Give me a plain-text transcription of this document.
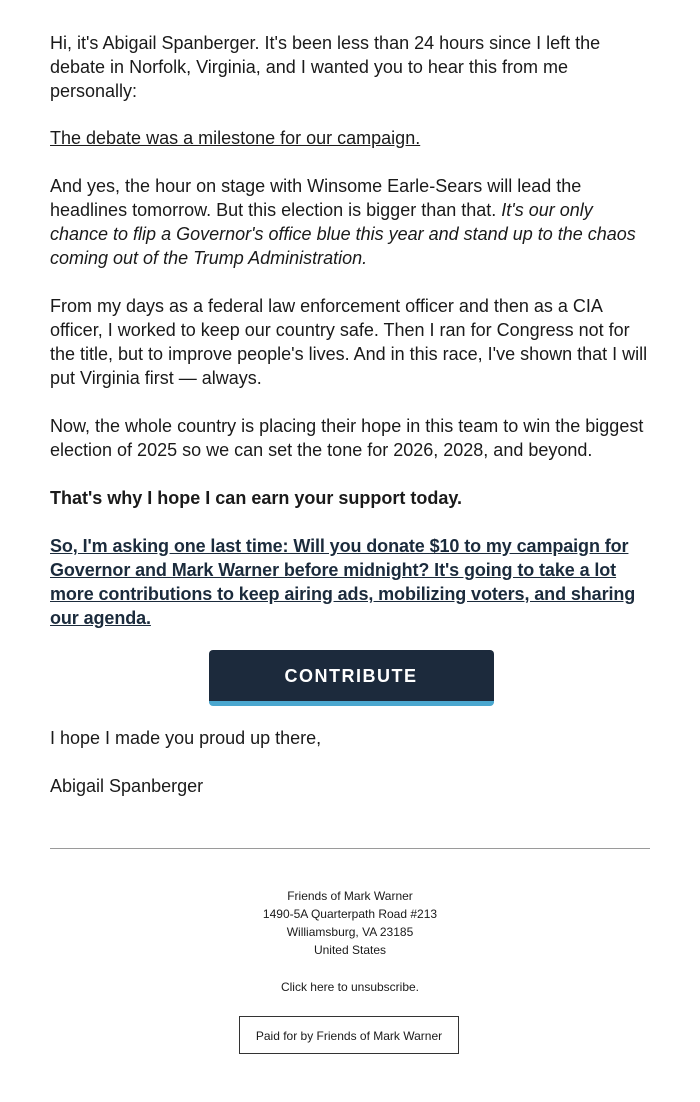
Hi, it's Abigail Spanberger. It's been less than 24 hours since I left the debate in Norfolk, Virginia, and I wanted you to hear this from me personally:

The debate was a milestone for our campaign.

And yes, the hour on stage with Winsome Earle-Sears will lead the headlines tomorrow. But this election is bigger than that. It's our only chance to flip a Governor's office blue this year and stand up to the chaos coming out of the Trump Administration.

From my days as a federal law enforcement officer and then as a CIA officer, I worked to keep our country safe. Then I ran for Congress not for the title, but to improve people's lives. And in this race, I've shown that I will put Virginia first — always.

Now, the whole country is placing their hope in this team to win the biggest election of 2025 so we can set the tone for 2026, 2028, and beyond.

That's why I hope I can earn your support today.

So, I'm asking one last time: Will you donate $10 to my campaign for Governor and Mark Warner before midnight? It's going to take a lot more contributions to keep airing ads, mobilizing voters, and sharing our agenda.

CONTRIBUTE

I hope I made you proud up there,

Abigail Spanberger

Friends of Mark Warner
1490-5A Quarterpath Road #213
Williamsburg, VA 23185
United States
Click here to unsubscribe.
Paid for by Friends of Mark Warner
